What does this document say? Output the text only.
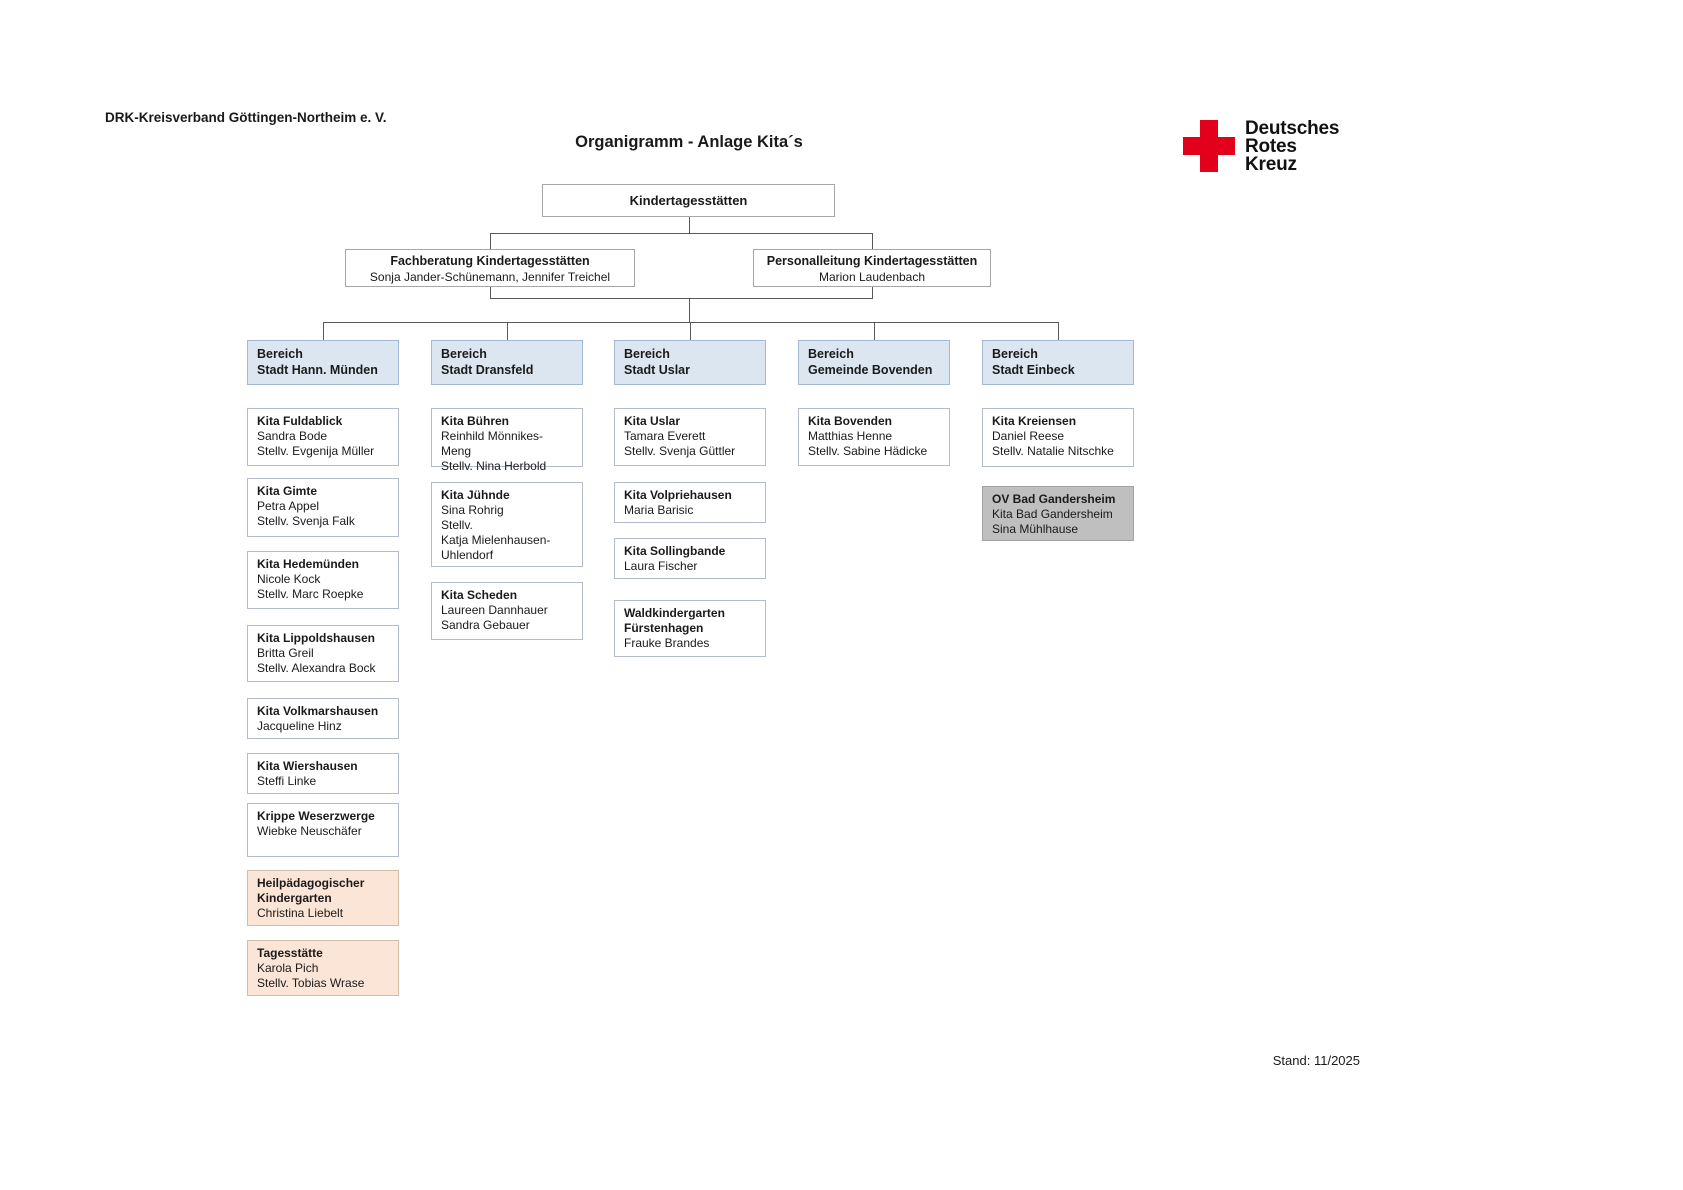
DRK-Kreisverband Göttingen-Northeim e. V.
Organigramm - Anlage Kita´s
Deutsches
Rotes
Kreuz
Kindertagesstätten
Fachberatung Kindertagesstätten
Sonja Jander-Schünemann, Jennifer Treichel
Personalleitung Kindertagesstätten
Marion Laudenbach
Bereich
Stadt Hann. Münden
Bereich
Stadt Dransfeld
Bereich
Stadt Uslar
Bereich
Gemeinde Bovenden
Bereich
Stadt Einbeck
Kita Fuldablick
Sandra Bode
Stellv. Evgenija Müller
Kita Gimte
Petra Appel
Stellv. Svenja Falk
Kita Hedemünden
Nicole Kock
Stellv. Marc Roepke
Kita Lippoldshausen
Britta Greil
Stellv. Alexandra Bock
Kita Volkmarshausen
Jacqueline Hinz
Kita Wiershausen
Steffi Linke
Krippe Weserzwerge
Wiebke Neuschäfer
Heilpädagogischer
Kindergarten
Christina Liebelt
Tagesstätte
Karola Pich
Stellv. Tobias Wrase
Kita Bühren
Reinhild Mönnikes-Meng
Stellv. Nina Herbold
Kita Jühnde
Sina Rohrig
Stellv.
Katja Mielenhausen-
Uhlendorf
Kita Scheden
Laureen Dannhauer
Sandra Gebauer
Kita Uslar
Tamara Everett
Stellv. Svenja Güttler
Kita Volpriehausen
Maria Barisic
Kita Sollingbande
Laura Fischer
Waldkindergarten
Fürstenhagen
Frauke Brandes
Kita Bovenden
Matthias Henne
Stellv. Sabine Hädicke
Kita Kreiensen
Daniel Reese
Stellv. Natalie Nitschke
OV Bad Gandersheim
Kita Bad Gandersheim
Sina Mühlhause
Stand: 11/2025
